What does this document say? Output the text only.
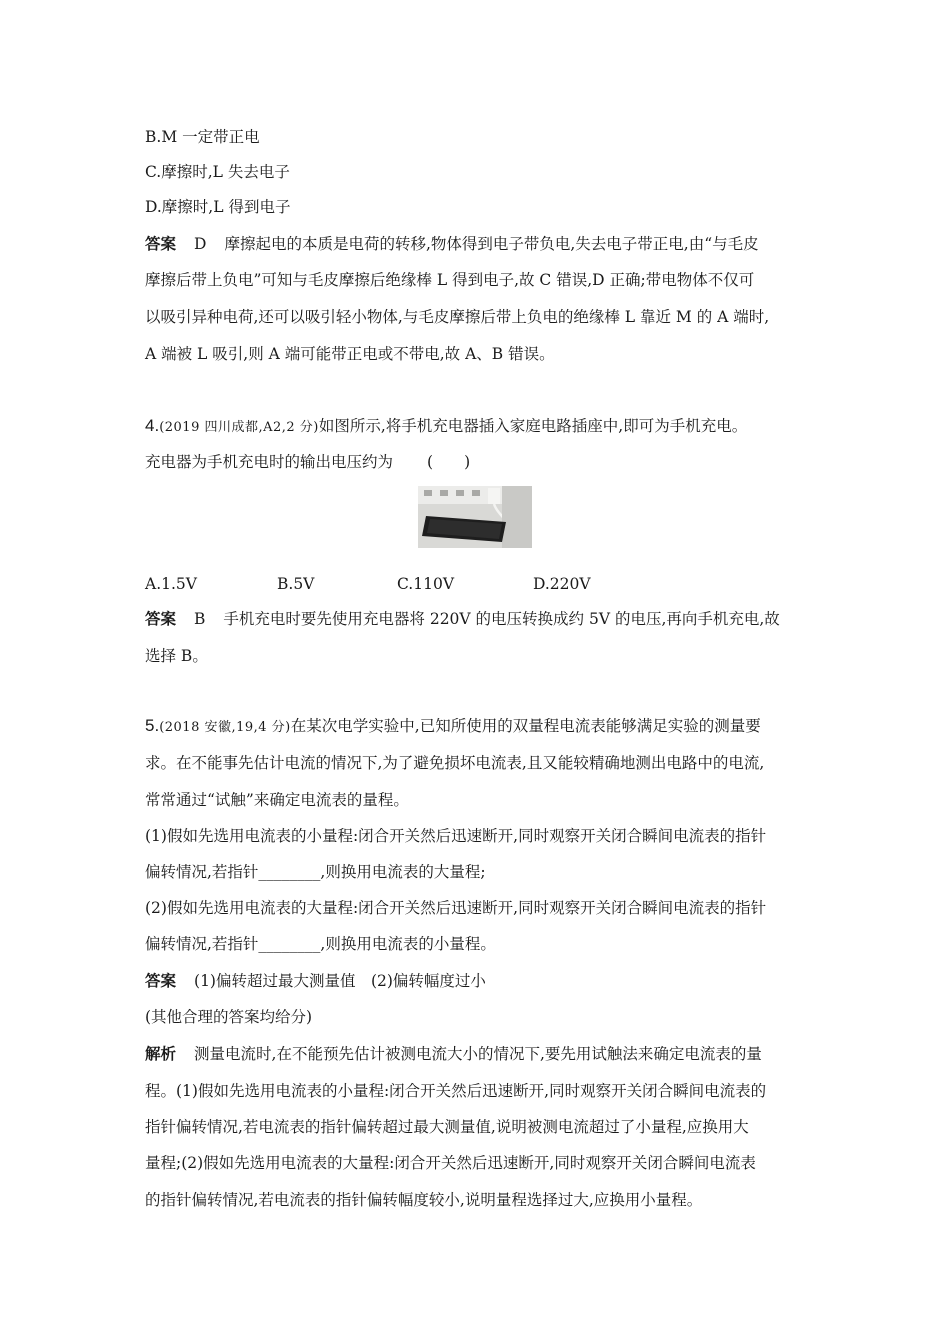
B.M 一定带正电
C.摩擦时,L 失去电子
D.摩擦时,L 得到电子
答案 D 摩擦起电的本质是电荷的转移,物体得到电子带负电,失去电子带正电,由“与毛皮
摩擦后带上负电”可知与毛皮摩擦后绝缘棒 L 得到电子,故 C 错误,D 正确;带电物体不仅可
以吸引异种电荷,还可以吸引轻小物体,与毛皮摩擦后带上负电的绝缘棒 L 靠近 M 的 A 端时,
A 端被 L 吸引,则 A 端可能带正电或不带电,故 A、B 错误。
4.(2019 四川成都,A2,2 分)如图所示,将手机充电器插入家庭电路插座中,即可为手机充电。
充电器为手机充电时的输出电压约为 (　　)
A.1.5V	B.5V	C.110V	D.220V
答案 B 手机充电时要先使用充电器将 220V 的电压转换成约 5V 的电压,再向手机充电,故
选择 B。
5.(2018 安徽,19,4 分)在某次电学实验中,已知所使用的双量程电流表能够满足实验的测量要
求。在不能事先估计电流的情况下,为了避免损坏电流表,且又能较精确地测出电路中的电流,
常常通过“试触”来确定电流表的量程。
(1)假如先选用电流表的小量程:闭合开关然后迅速断开,同时观察开关闭合瞬间电流表的指针
偏转情况,若指针________,则换用电流表的大量程;
(2)假如先选用电流表的大量程:闭合开关然后迅速断开,同时观察开关闭合瞬间电流表的指针
偏转情况,若指针________,则换用电流表的小量程。
答案 (1)偏转超过最大测量值　(2)偏转幅度过小
(其他合理的答案均给分)
解析 测量电流时,在不能预先估计被测电流大小的情况下,要先用试触法来确定电流表的量
程。(1)假如先选用电流表的小量程:闭合开关然后迅速断开,同时观察开关闭合瞬间电流表的
指针偏转情况,若电流表的指针偏转超过最大测量值,说明被测电流超过了小量程,应换用大
量程;(2)假如先选用电流表的大量程:闭合开关然后迅速断开,同时观察开关闭合瞬间电流表
的指针偏转情况,若电流表的指针偏转幅度较小,说明量程选择过大,应换用小量程。
